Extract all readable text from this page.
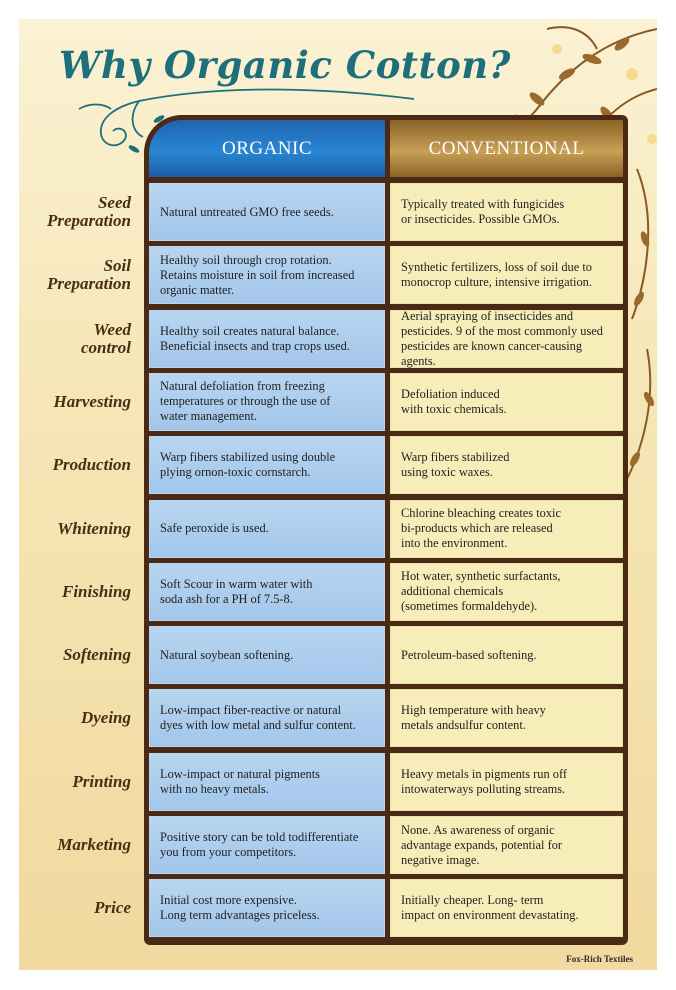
Why Organic Cotton?
Seed
Preparation
Soil
Preparation
Weed
control
Harvesting
Production
Whitening
Finishing
Softening
Dyeing
Printing
Marketing
Price
ORGANIC	CONVENTIONAL
Natural untreated GMO free seeds.
Typically treated with fungicides
or insecticides. Possible GMOs.
Healthy soil through crop rotation.
Retains moisture in soil from increased
organic matter.
Synthetic fertilizers, loss of soil due to
monocrop culture, intensive irrigation.
Healthy soil creates natural balance.
Beneficial insects and trap crops used.
Aerial spraying of insecticides and
pesticides. 9 of the most commonly used
pesticides are known cancer-causing agents.
Natural defoliation from freezing
temperatures or through the use of
water management.
Defoliation induced
with toxic chemicals.
Warp fibers stabilized using double
plying ornon-toxic cornstarch.
Warp fibers stabilized
using toxic waxes.
Safe peroxide is used.
Chlorine bleaching creates toxic
bi-products which are released
into the environment.
Soft Scour in warm water with
soda ash for a PH of 7.5-8.
Hot water, synthetic surfactants,
additional chemicals
(sometimes formaldehyde).
Natural soybean softening.	Petroleum-based softening.
Low-impact fiber-reactive or natural
dyes with low metal and sulfur content.
High temperature with heavy
metals andsulfur content.
Low-impact or natural pigments
with no heavy metals.
Heavy metals in pigments run off
intowaterways polluting streams.
Positive story can be told todifferentiate
you from your competitors.
None. As awareness of organic
advantage expands, potential for
negative image.
Initial cost more expensive.
Long term advantages priceless.
Initially cheaper. Long- term
impact on environment devastating.
Fox-Rich Textiles
